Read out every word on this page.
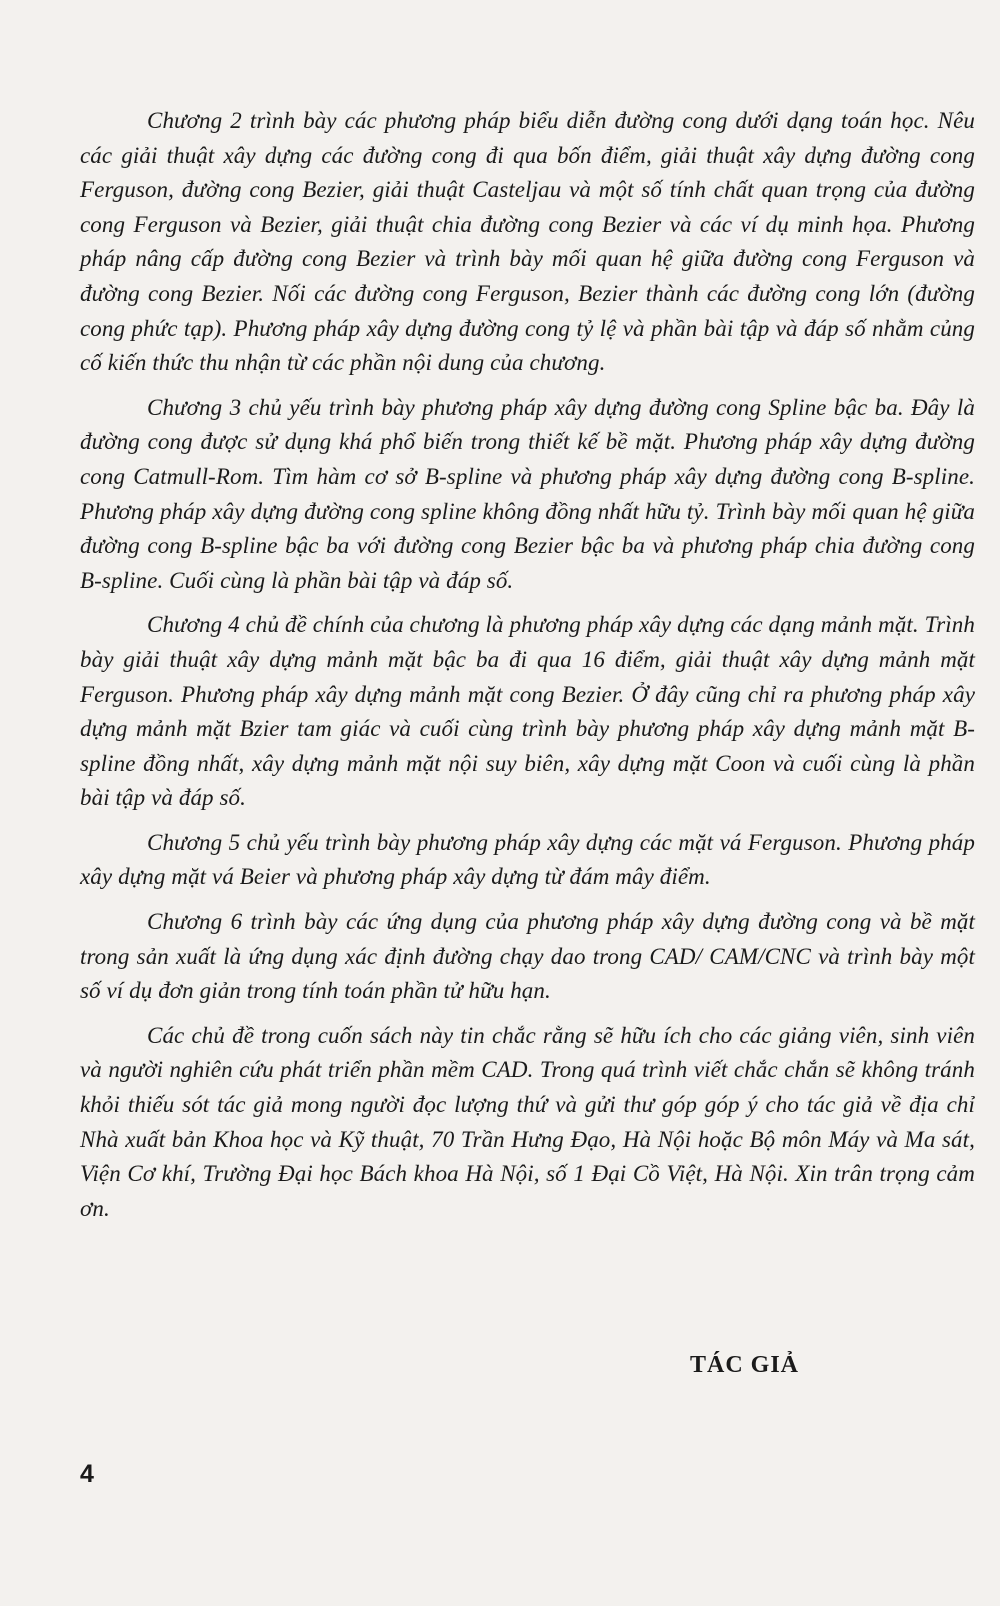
Chương 2 trình bày các phương pháp biểu diễn đường cong dưới dạng toán học. Nêu các giải thuật xây dựng các đường cong đi qua bốn điểm, giải thuật xây dựng đường cong Ferguson, đường cong Bezier, giải thuật Casteljau và một số tính chất quan trọng của đường cong Ferguson và Bezier, giải thuật chia đường cong Bezier và các ví dụ minh họa. Phương pháp nâng cấp đường cong Bezier và trình bày mối quan hệ giữa đường cong Ferguson và đường cong Bezier. Nối các đường cong Ferguson, Bezier thành các đường cong lớn (đường cong phức tạp). Phương pháp xây dựng đường cong tỷ lệ và phần bài tập và đáp số nhằm củng cố kiến thức thu nhận từ các phần nội dung của chương.

Chương 3 chủ yếu trình bày phương pháp xây dựng đường cong Spline bậc ba. Đây là đường cong được sử dụng khá phổ biến trong thiết kế bề mặt. Phương pháp xây dựng đường cong Catmull-Rom. Tìm hàm cơ sở B-spline và phương pháp xây dựng đường cong B-spline. Phương pháp xây dựng đường cong spline không đồng nhất hữu tỷ. Trình bày mối quan hệ giữa đường cong B-spline bậc ba với đường cong Bezier bậc ba và phương pháp chia đường cong B-spline. Cuối cùng là phần bài tập và đáp số.

Chương 4 chủ đề chính của chương là phương pháp xây dựng các dạng mảnh mặt. Trình bày giải thuật xây dựng mảnh mặt bậc ba đi qua 16 điểm, giải thuật xây dựng mảnh mặt Ferguson. Phương pháp xây dựng mảnh mặt cong Bezier. Ở đây cũng chỉ ra phương pháp xây dựng mảnh mặt Bzier tam giác và cuối cùng trình bày phương pháp xây dựng mảnh mặt B-spline đồng nhất, xây dựng mảnh mặt nội suy biên, xây dựng mặt Coon và cuối cùng là phần bài tập và đáp số.

Chương 5 chủ yếu trình bày phương pháp xây dựng các mặt vá Ferguson. Phương pháp xây dựng mặt vá Beier và phương pháp xây dựng từ đám mây điểm.

Chương 6 trình bày các ứng dụng của phương pháp xây dựng đường cong và bề mặt trong sản xuất là ứng dụng xác định đường chạy dao trong CAD/ CAM/CNC và trình bày một số ví dụ đơn giản trong tính toán phần tử hữu hạn.

Các chủ đề trong cuốn sách này tin chắc rằng sẽ hữu ích cho các giảng viên, sinh viên và người nghiên cứu phát triển phần mềm CAD. Trong quá trình viết chắc chắn sẽ không tránh khỏi thiếu sót tác giả mong người đọc lượng thứ và gửi thư góp góp ý cho tác giả về địa chỉ Nhà xuất bản Khoa học và Kỹ thuật, 70 Trần Hưng Đạo, Hà Nội hoặc Bộ môn Máy và Ma sát, Viện Cơ khí, Trường Đại học Bách khoa Hà Nội, số 1 Đại Cồ Việt, Hà Nội. Xin trân trọng cảm ơn.

TÁC GIẢ
4
